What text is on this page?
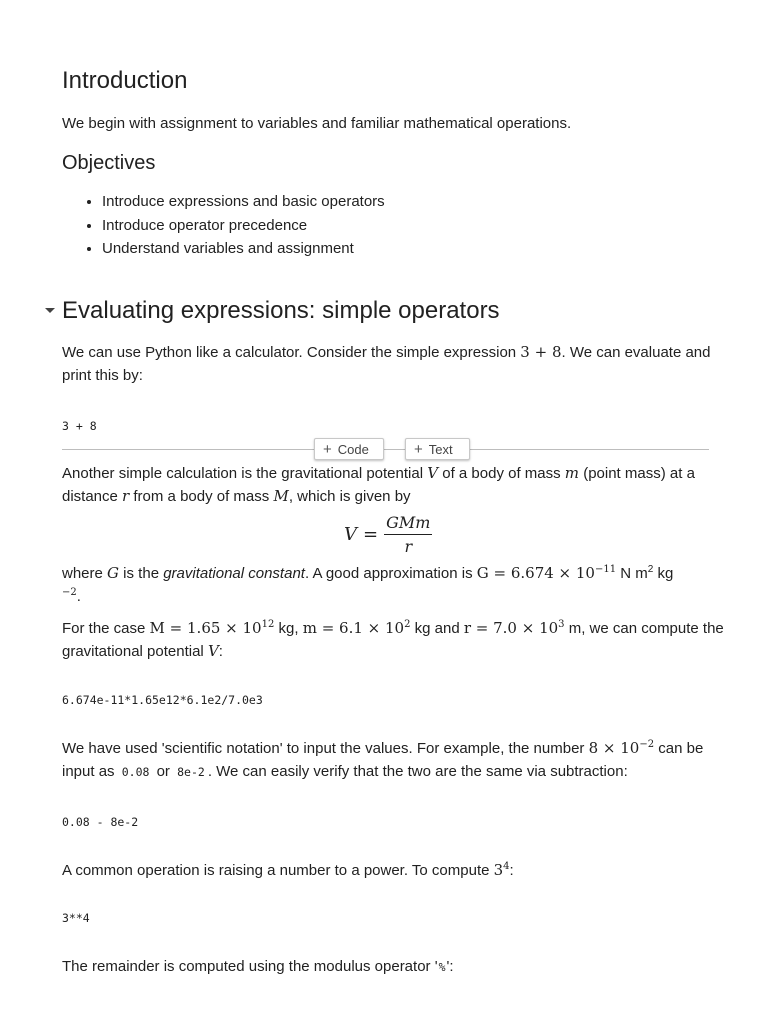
Introduction
We begin with assignment to variables and familiar mathematical operations.
Objectives
• Introduce expressions and basic operators
• Introduce operator precedence
• Understand variables and assignment
Evaluating expressions: simple operators
We can use Python like a calculator. Consider the simple expression 3 + 8. We can evaluate and print this by:
3 + 8
+ Code	+ Text
Another simple calculation is the gravitational potential V of a body of mass m (point mass) at a distance r from a body of mass M, which is given by
$V = \frac{\text{GMm}}{r}$
where G is the gravitational constant. A good approximation is $G = 6.674 \times 10^{-11}$ N $m^2$ kg
$^{-2}$.
For the case $M = 1.65 \times 10^{12}$ kg, $m = 6.1 \times 10^2$ kg and $r = 7.0 \times 10^3$ m, we can compute the gravitational potential V:
6.674e-11*1.65e12*6.1e2/7.0e3
We have used 'scientific notation' to input the values. For example, the number $8 \times 10^{-2}$ can be input as 0.08 or 8e-2 . We can easily verify that the two are the same via subtraction:
0.08 - 8e-2
A common operation is raising a number to a power. To compute $3^4$:
3**4
The remainder is computed using the modulus operator '%':
